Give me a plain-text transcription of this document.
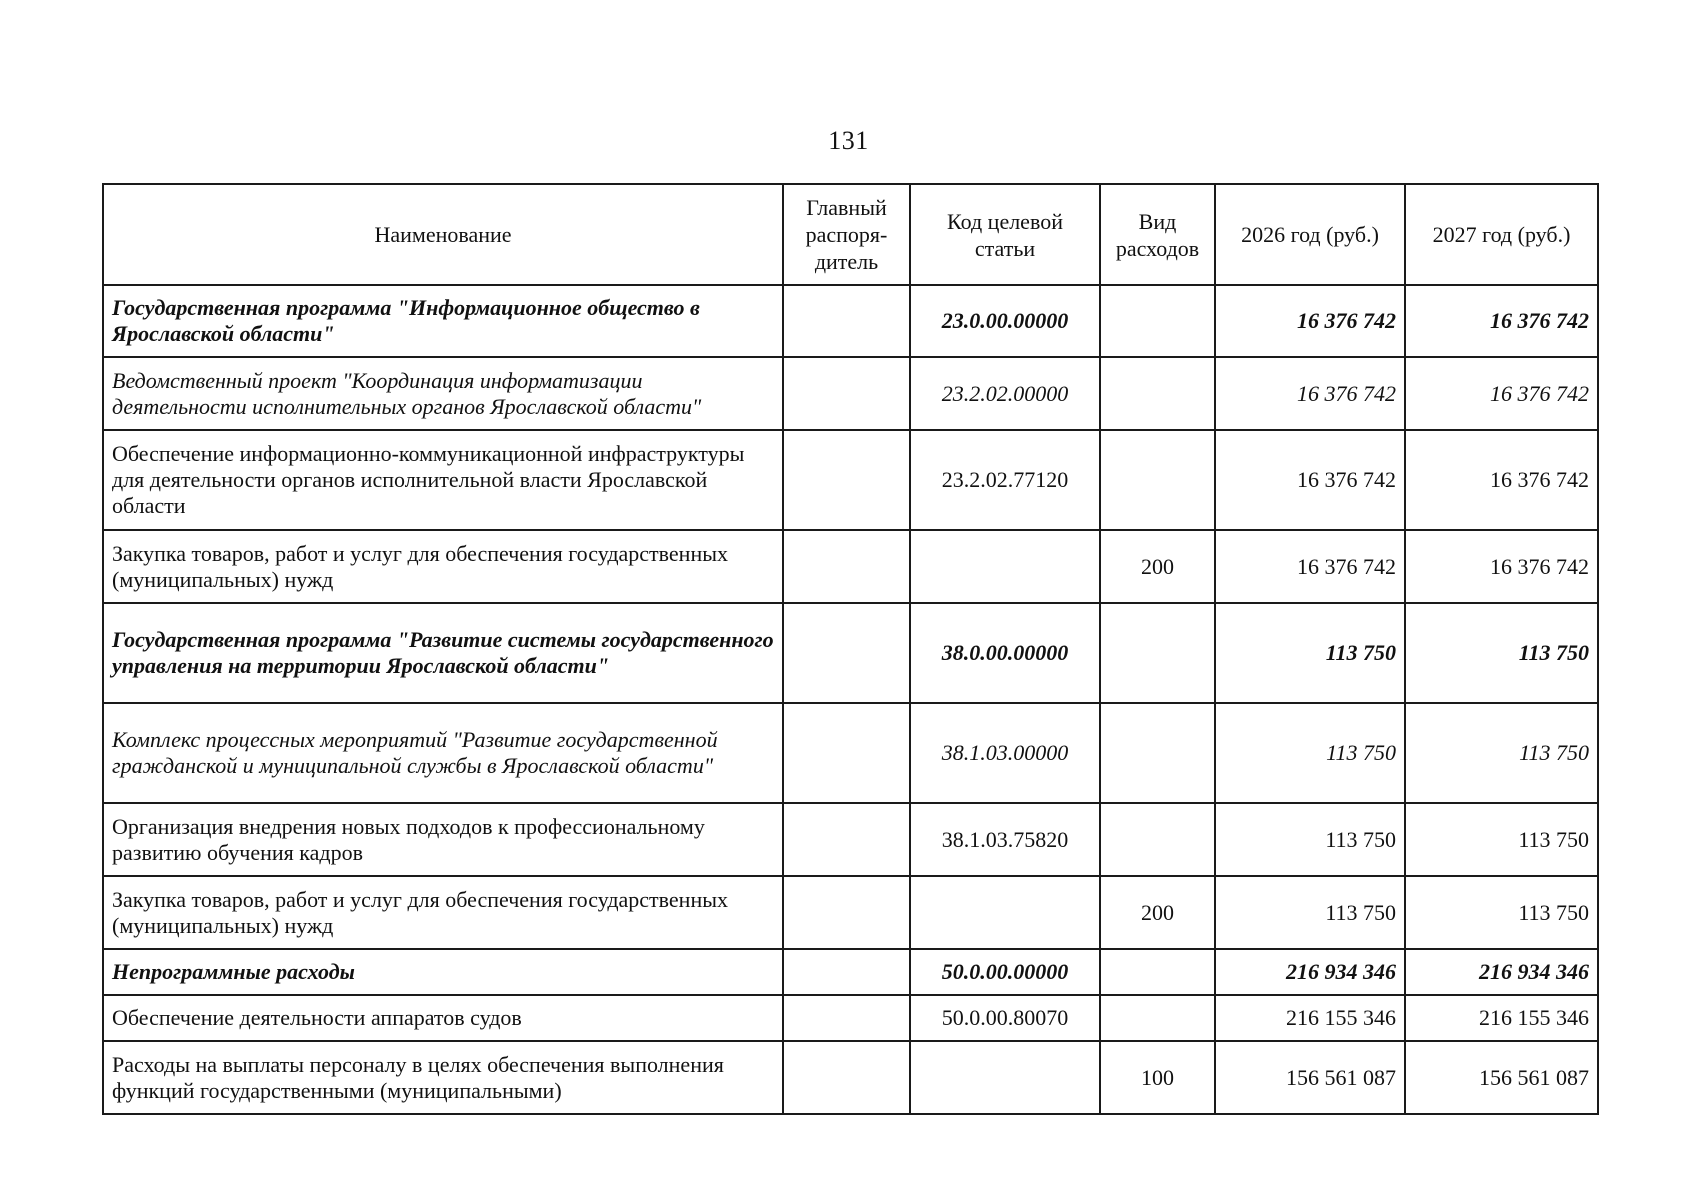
131
Наименование	Главный распоря-дитель	Код целевой статьи	Вид расходов	2026 год (руб.)	2027 год (руб.)
Государственная программа "Информационное общество в Ярославской области"		23.0.00.00000		16 376 742	16 376 742
Ведомственный проект "Координация информатизации деятельности исполнительных органов Ярославской области"		23.2.02.00000		16 376 742	16 376 742
Обеспечение информационно-коммуникационной инфраструктуры для деятельности органов исполнительной власти Ярославской области		23.2.02.77120		16 376 742	16 376 742
Закупка товаров, работ и услуг для обеспечения государственных (муниципальных) нужд			200	16 376 742	16 376 742
Государственная программа "Развитие системы государственного управления на территории Ярославской области"		38.0.00.00000		113 750	113 750
Комплекс процессных мероприятий "Развитие государственной гражданской и муниципальной службы в Ярославской области"		38.1.03.00000		113 750	113 750
Организация внедрения новых подходов к профессиональному развитию обучения кадров		38.1.03.75820		113 750	113 750
Закупка товаров, работ и услуг для обеспечения государственных (муниципальных) нужд			200	113 750	113 750
Непрограммные расходы		50.0.00.00000		216 934 346	216 934 346
Обеспечение деятельности аппаратов судов		50.0.00.80070		216 155 346	216 155 346
Расходы на выплаты персоналу в целях обеспечения выполнения функций государственными (муниципальными)			100	156 561 087	156 561 087
